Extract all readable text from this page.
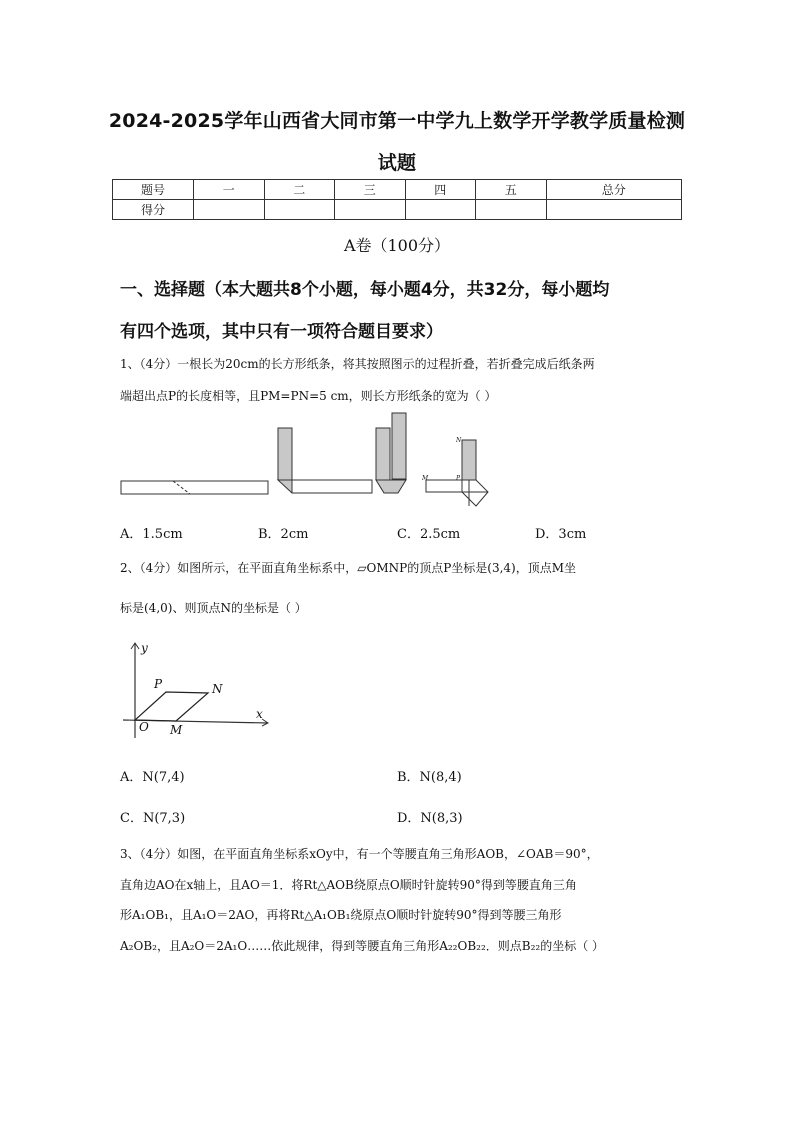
2024-2025学年山西省大同市第一中学九上数学开学教学质量检测
试题
题号	一	二	三	四	五	总分
得分						
A卷（100分）
一、选择题（本大题共8个小题，每小题4分，共32分，每小题均
有四个选项，其中只有一项符合题目要求）
1、（4分）一根长为20cm的长方形纸条，将其按照图示的过程折叠，若折叠完成后纸条两
端超出点P的长度相等，且PM=PN=5 cm，则长方形纸条的宽为（ ）
N
M	P
A．1.5cm	B．2cm	C．2.5cm	D．3cm
2、（4分）如图所示，在平面直角坐标系中，▱OMNP的顶点P坐标是(3,4)，顶点M坐
标是(4,0)、则顶点N的坐标是（ ）
y
x
O
P	N
M
A．N(7,4)	B．N(8,4)
C．N(7,3)	D．N(8,3)
3、（4分）如图，在平面直角坐标系xOy中，有一个等腰直角三角形AOB，∠OAB＝90°，
直角边AO在x轴上，且AO＝1．将Rt△AOB绕原点O顺时针旋转90°得到等腰直角三角
形A₁OB₁，且A₁O＝2AO，再将Rt△A₁OB₁绕原点O顺时针旋转90°得到等腰三角形
A₂OB₂，且A₂O＝2A₁O……依此规律，得到等腰直角三角形A₂₂OB₂₂．则点B₂₂的坐标（ ）
